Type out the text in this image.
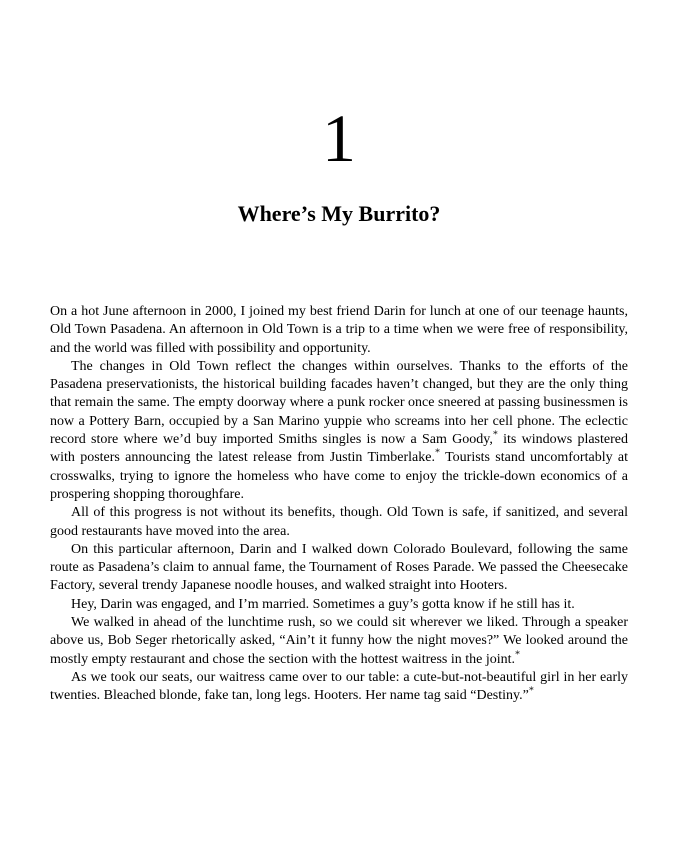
1
Where’s My Burrito?

On a hot June afternoon in 2000, I joined my best friend Darin for lunch at one of our teenage haunts, Old Town Pasadena. An afternoon in Old Town is a trip to a time when we were free of responsibility, and the world was filled with possibility and opportunity.

The changes in Old Town reflect the changes within ourselves. Thanks to the efforts of the Pasadena preservationists, the historical building facades haven’t changed, but they are the only thing that remain the same. The empty doorway where a punk rocker once sneered at passing businessmen is now a Pottery Barn, occupied by a San Marino yuppie who screams into her cell phone. The eclectic record store where we’d buy imported Smiths singles is now a Sam Goody,* its windows plastered with posters announcing the latest release from Justin Timberlake.* Tourists stand uncomfortably at crosswalks, trying to ignore the homeless who have come to enjoy the trickle-down economics of a prospering shopping thoroughfare.

All of this progress is not without its benefits, though. Old Town is safe, if sanitized, and several good restaurants have moved into the area.

On this particular afternoon, Darin and I walked down Colorado Boulevard, following the same route as Pasadena’s claim to annual fame, the Tournament of Roses Parade. We passed the Cheesecake Factory, several trendy Japanese noodle houses, and walked straight into Hooters.

Hey, Darin was engaged, and I’m married. Sometimes a guy’s gotta know if he still has it.

We walked in ahead of the lunchtime rush, so we could sit wherever we liked. Through a speaker above us, Bob Seger rhetorically asked, “Ain’t it funny how the night moves?” We looked around the mostly empty restaurant and chose the section with the hottest waitress in the joint.*

As we took our seats, our waitress came over to our table: a cute-but-not-beautiful girl in her early twenties. Bleached blonde, fake tan, long legs. Hooters. Her name tag said “Destiny.”*
